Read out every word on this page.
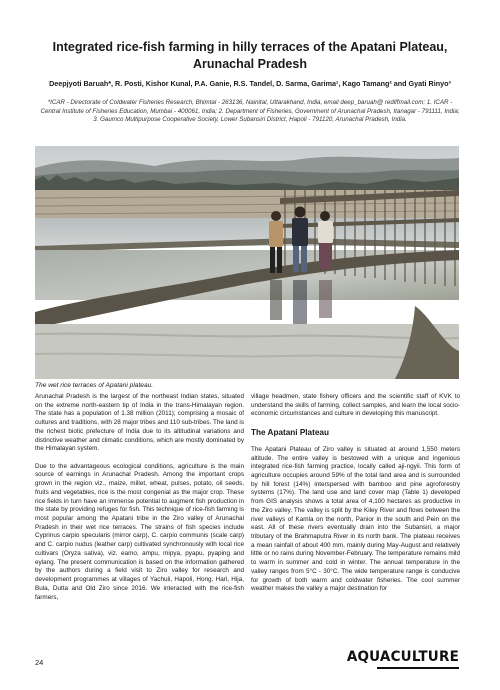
Integrated rice-fish farming in hilly terraces of the Apatani Plateau,
Arunachal Pradesh
Deepjyoti Baruah*, R. Posti, Kishor Kunal, P.A. Ganie, R.S. Tandel, D. Sarma, Garima¹, Kago Tamang² and Gyati Rinyo³
*ICAR - Directorate of Coldwater Fisheries Research, Bhimtal - 263136, Nainital, Uttarakhand, India, email deep_baruah@ rediffmail.com; 1. ICAR - Central Institute of Fisheries Education, Mumbai - 400061, India; 2. Department of Fisheries, Government of Arunachal Pradesh, Itanagar - 791111, India; 3. Gaumco Multipurpose Cooperative Society, Lower Subansiri District, Hapoli - 791120, Arunachal Pradesh, India.
The wet rice terraces of Apatani plateau.

Arunachal Pradesh is the largest of the northeast Indian states, situated on the extreme north-eastern tip of India in the trans-Himalayan region. The state has a population of 1.38 million (2011); comprising a mosaic of cultures and traditions, with 28 major tribes and 110 sub-tribes. The land is the richest biotic prefecture of India due to its altitudinal variations and distinctive weather and climatic conditions, which are mostly dominated by the Himalayan system.

Due to the advantageous ecological conditions, agriculture is the main source of earnings in Arunachal Pradesh. Among the important crops grown in the region viz., maize, millet, wheat, pulses, potato, oil seeds, fruits and vegetables, rice is the most congenial as the major crop. These rice fields in turn have an immense potential to augment fish production in the state by providing refuges for fish. This technique of rice-fish farming is most popular among the Apatani tribe in the Ziro valley of Arunachal Pradesh in their wet rice terraces. The strains of fish species include Cyprinus carpio specularis (mirror carp), C. carpio communis (scale carp) and C. carpio nudus (leather carp) cultivated synchronously with local rice cultivars (Oryza sativa), viz. eamo, ampu, mipya, pyapu, pyaping and eylang. The present communication is based on the information gathered by the authors during a field visit to Ziro valley for research and development programmes at villages of Yachuli, Hapoli, Hong, Hari, Hija, Bula, Dutta and Old Ziro since 2016. We interacted with the rice-fish farmers,

village headmen, state fishery officers and the scientific staff of KVK to understand the skills of farming, collect samples, and learn the local socio-economic circumstances and culture in developing this manuscript.

The Apatani Plateau

The Apatani Plateau of Ziro valley is situated at around 1,550 meters altitude. The entire valley is bestowed with a unique and ingenious integrated rice-fish farming practice, locally called aji-ngyii. This form of agriculture occupies around 59% of the total land area and is surrounded by hill forest (14%) interspersed with bamboo and pine agroforestry systems (17%). The land use and land cover map (Table 1) developed from GIS analysis shows a total area of 4,100 hectares as productive in the Ziro valley. The valley is split by the Kiley River and flows between the river valleys of Kamla on the north, Panior in the south and Pein on the east. All of these rivers eventually drain into the Subansiri, a major tributary of the Brahmaputra River in its north bank. The plateau receives a mean rainfall of about 400 mm, mainly during May-August and relatively little or no rains during November-February. The temperature remains mild to warm in summer and cold in winter. The annual temperature in the valley ranges from 5°C - 30°C. The wide temperature range is conducive for growth of both warm and coldwater fisheries. The cool summer weather makes the valley a major destination for

24	AQUACULTURE
